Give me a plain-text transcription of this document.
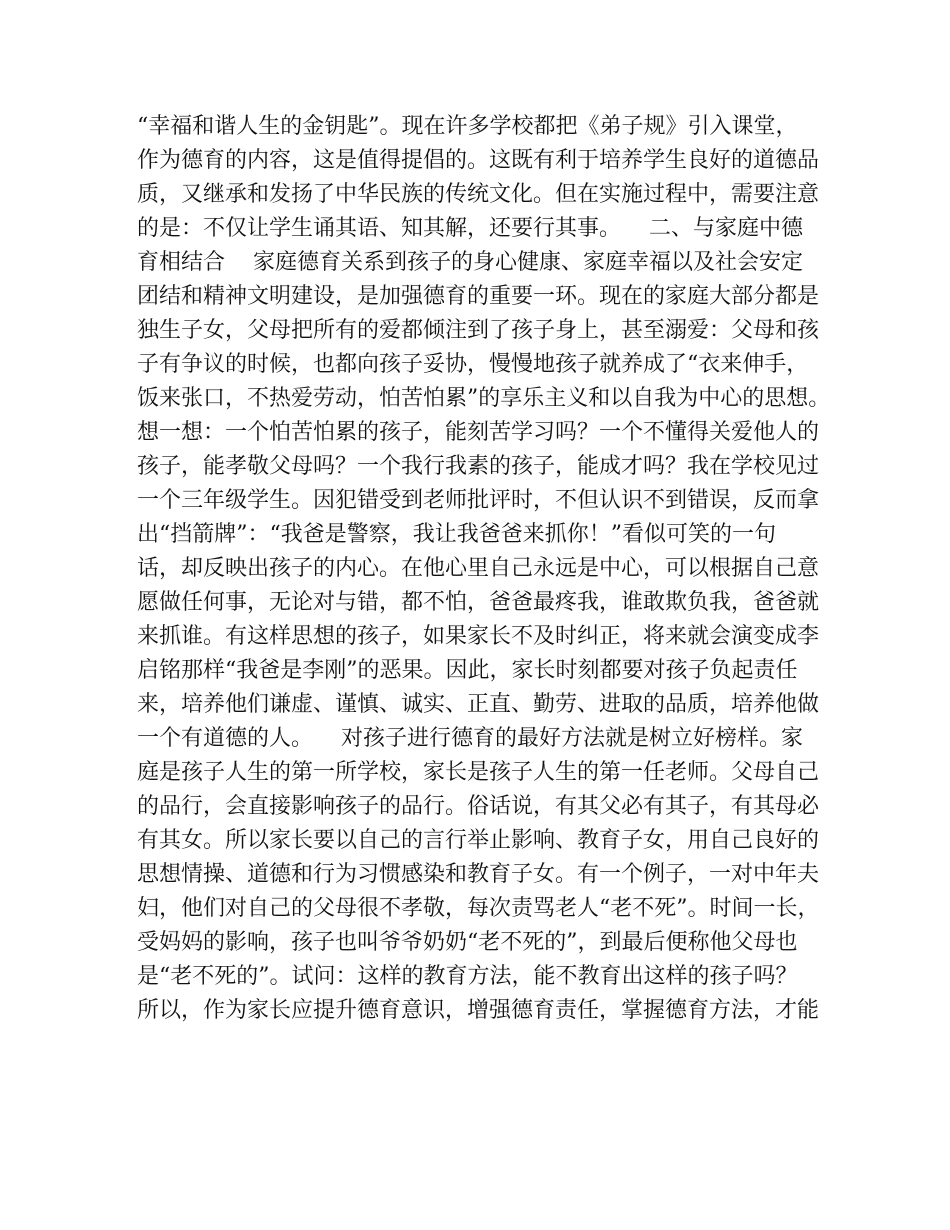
“幸福和谐人生的金钥匙”。现在许多学校都把《弟子规》引入课堂，
作为德育的内容，这是值得提倡的。这既有利于培养学生良好的道德品
质，又继承和发扬了中华民族的传统文化。但在实施过程中，需要注意
的是：不仅让学生诵其语、知其解，还要行其事。    二、与家庭中德
育相结合    家庭德育关系到孩子的身心健康、家庭幸福以及社会安定
团结和精神文明建设，是加强德育的重要一环。现在的家庭大部分都是
独生子女，父母把所有的爱都倾注到了孩子身上，甚至溺爱：父母和孩
子有争议的时候，也都向孩子妥协，慢慢地孩子就养成了“衣来伸手，
饭来张口，不热爱劳动，怕苦怕累”的享乐主义和以自我为中心的思想。
想一想：一个怕苦怕累的孩子，能刻苦学习吗？一个不懂得关爱他人的
孩子，能孝敬父母吗？一个我行我素的孩子，能成才吗？我在学校见过
一个三年级学生。因犯错受到老师批评时，不但认识不到错误，反而拿
出“挡箭牌”：“我爸是警察，我让我爸爸来抓你！”看似可笑的一句
话，却反映出孩子的内心。在他心里自己永远是中心，可以根据自己意
愿做任何事，无论对与错，都不怕，爸爸最疼我，谁敢欺负我，爸爸就
来抓谁。有这样思想的孩子，如果家长不及时纠正，将来就会演变成李
启铭那样“我爸是李刚”的恶果。因此，家长时刻都要对孩子负起责任
来，培养他们谦虚、谨慎、诚实、正直、勤劳、进取的品质，培养他做
一个有道德的人。    对孩子进行德育的最好方法就是树立好榜样。家
庭是孩子人生的第一所学校，家长是孩子人生的第一任老师。父母自己
的品行，会直接影响孩子的品行。俗话说，有其父必有其子，有其母必
有其女。所以家长要以自己的言行举止影响、教育子女，用自己良好的
思想情操、道德和行为习惯感染和教育子女。有一个例子，一对中年夫
妇，他们对自己的父母很不孝敬，每次责骂老人“老不死”。时间一长，
受妈妈的影响，孩子也叫爷爷奶奶“老不死的”，到最后便称他父母也
是“老不死的”。试问：这样的教育方法，能不教育出这样的孩子吗？
所以，作为家长应提升德育意识，增强德育责任，掌握德育方法，才能
